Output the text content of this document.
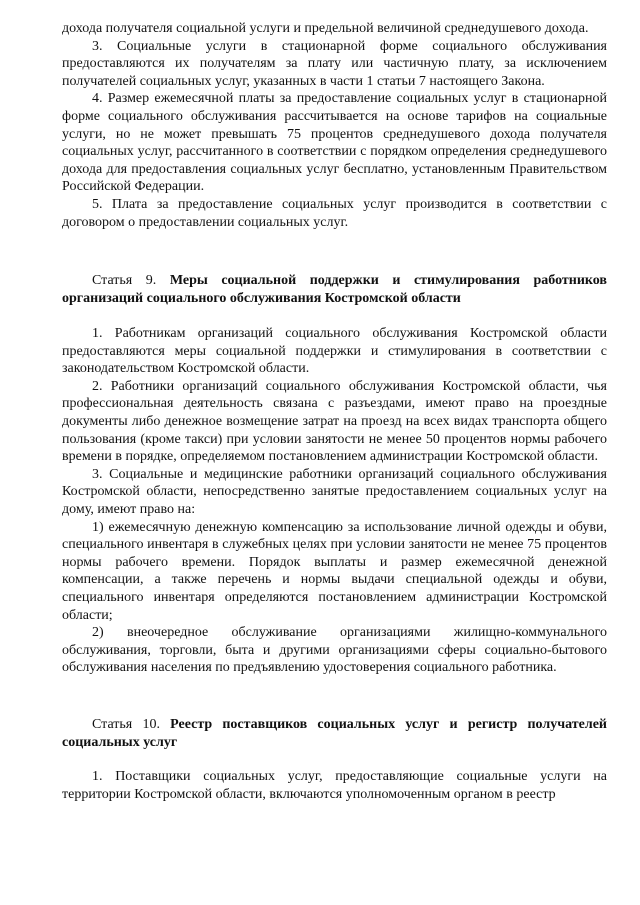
дохода получателя социальной услуги и предельной величиной среднедушевого дохода.

3. Социальные услуги в стационарной форме социального обслуживания предоставляются их получателям за плату или частичную плату, за исключением получателей социальных услуг, указанных в части 1 статьи 7 настоящего Закона.

4. Размер ежемесячной платы за предоставление социальных услуг в стационарной форме социального обслуживания рассчитывается на основе тарифов на социальные услуги, но не может превышать 75 процентов среднедушевого дохода получателя социальных услуг, рассчитанного в соответствии с порядком определения среднедушевого дохода для предоставления социальных услуг бесплатно, установленным Правительством Российской Федерации.

5. Плата за предоставление социальных услуг производится в соответствии с договором о предоставлении социальных услуг.

Статья 9. Меры социальной поддержки и стимулирования работников организаций социального обслуживания Костромской области

1. Работникам организаций социального обслуживания Костромской области предоставляются меры социальной поддержки и стимулирования в соответствии с законодательством Костромской области.

2. Работники организаций социального обслуживания Костромской области, чья профессиональная деятельность связана с разъездами, имеют право на проездные документы либо денежное возмещение затрат на проезд на всех видах транспорта общего пользования (кроме такси) при условии занятости не менее 50 процентов нормы рабочего времени в порядке, определяемом постановлением администрации Костромской области.

3. Социальные и медицинские работники организаций социального обслуживания Костромской области, непосредственно занятые предоставлением социальных услуг на дому, имеют право на:

1) ежемесячную денежную компенсацию за использование личной одежды и обуви, специального инвентаря в служебных целях при условии занятости не менее 75 процентов нормы рабочего времени. Порядок выплаты и размер ежемесячной денежной компенсации, а также перечень и нормы выдачи специальной одежды и обуви, специального инвентаря определяются постановлением администрации Костромской области;

2) внеочередное обслуживание организациями жилищно-коммунального обслуживания, торговли, быта и другими организациями сферы социально-бытового обслуживания населения по предъявлению удостоверения социального работника.

Статья 10. Реестр поставщиков социальных услуг и регистр получателей социальных услуг

1. Поставщики социальных услуг, предоставляющие социальные услуги на территории Костромской области, включаются уполномоченным органом в реестр
